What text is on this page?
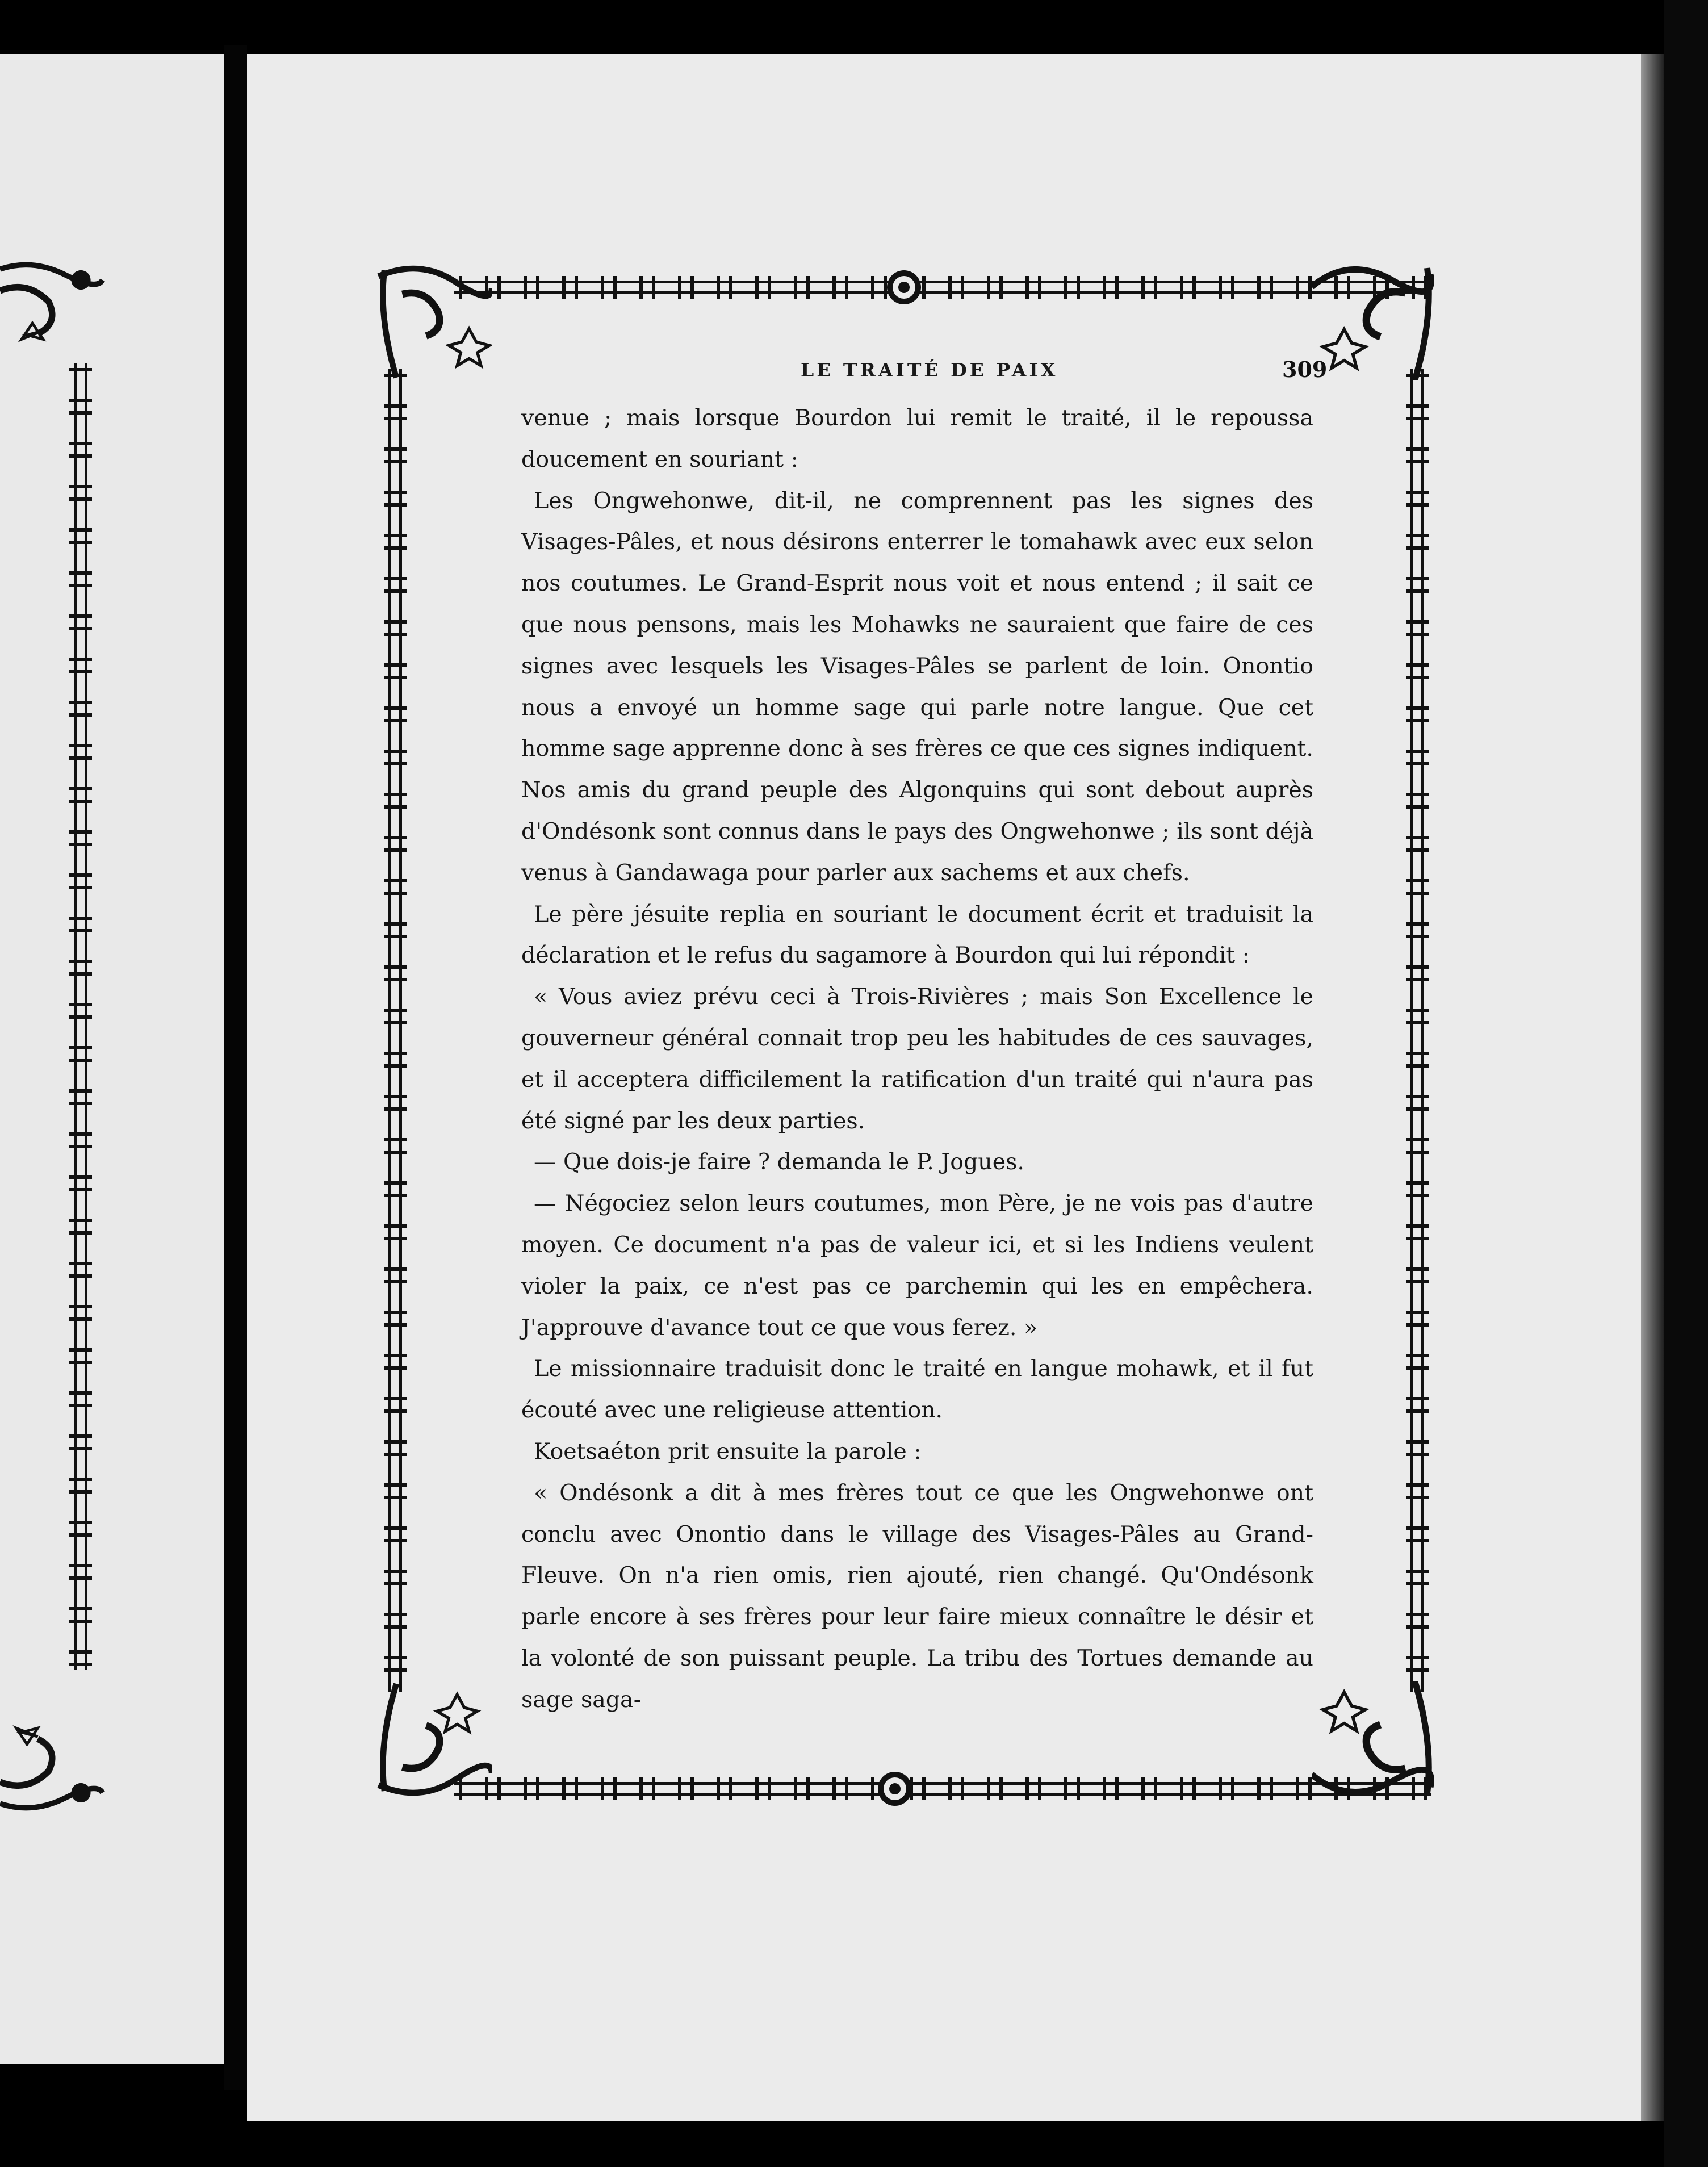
LE TRAITÉ DE PAIX	309

venue ; mais lorsque Bourdon lui remit le traité, il le repoussa doucement en souriant :

Les Ongwehonwe, dit-il, ne comprennent pas les signes des Visages-Pâles, et nous désirons enterrer le tomahawk avec eux selon nos coutumes. Le Grand-Esprit nous voit et nous entend ; il sait ce que nous pensons, mais les Mohawks ne sauraient que faire de ces signes avec lesquels les Visages-Pâles se parlent de loin. Onontio nous a envoyé un homme sage qui parle notre langue. Que cet homme sage apprenne donc à ses frères ce que ces signes indiquent. Nos amis du grand peuple des Algonquins qui sont debout auprès d'Ondésonk sont connus dans le pays des Ongwehonwe ; ils sont déjà venus à Gandawaga pour parler aux sachems et aux chefs.

Le père jésuite replia en souriant le document écrit et traduisit la déclaration et le refus du sagamore à Bourdon qui lui répondit :

« Vous aviez prévu ceci à Trois-Rivières ; mais Son Excellence le gouverneur général connait trop peu les habitudes de ces sauvages, et il acceptera difficilement la ratification d'un traité qui n'aura pas été signé par les deux parties.

— Que dois-je faire ? demanda le P. Jogues.

— Négociez selon leurs coutumes, mon Père, je ne vois pas d'autre moyen. Ce document n'a pas de valeur ici, et si les Indiens veulent violer la paix, ce n'est pas ce parchemin qui les en empêchera. J'approuve d'avance tout ce que vous ferez. »

Le missionnaire traduisit donc le traité en langue mohawk, et il fut écouté avec une religieuse attention.

Koetsaéton prit ensuite la parole :

« Ondésonk a dit à mes frères tout ce que les Ongwehonwe ont conclu avec Onontio dans le village des Visages-Pâles au Grand-Fleuve. On n'a rien omis, rien ajouté, rien changé. Qu'Ondésonk parle encore à ses frères pour leur faire mieux connaître le désir et la volonté de son puissant peuple. La tribu des Tortues demande au sage saga-
